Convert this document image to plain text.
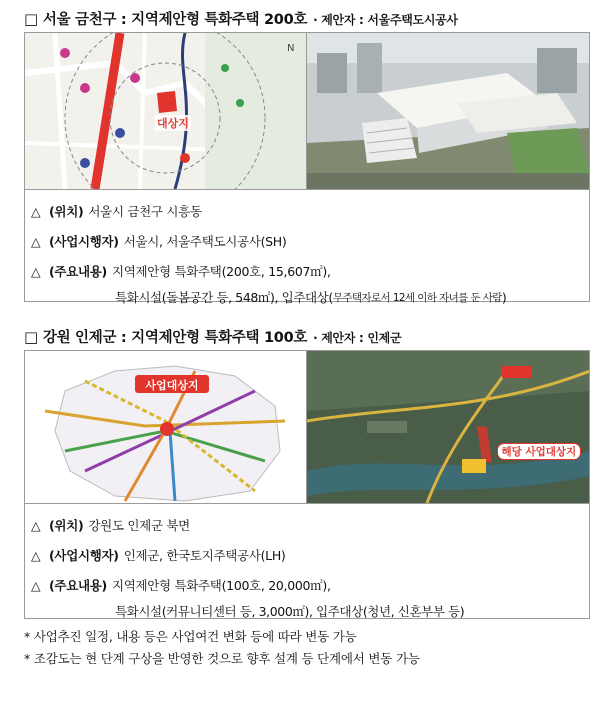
□ 서울 금천구 : 지역제안형 특화주택 200호 · 제안자 : 서울주택도시공사
N
대상지
△ (위치) 서울시 금천구 시흥동
△ (사업시행자) 서울시, 서울주택도시공사(SH)
△ (주요내용) 지역제안형 특화주택(200호, 15,607㎡),
특화시설(돌봄공간 등, 548㎡), 입주대상( 무주택자로서 12세 이하 자녀를 둔 사람 )
□ 강원 인제군 : 지역제안형 특화주택 100호 · 제안자 : 인제군
사업대상지
해당 사업대상지
△ (위치) 강원도 인제군 북면
△ (사업시행자) 인제군, 한국토지주택공사(LH)
△ (주요내용) 지역제안형 특화주택(100호, 20,000㎡),
특화시설(커뮤니티센터 등, 3,000㎡), 입주대상(청년, 신혼부부 등)
* 사업추진 일정, 내용 등은 사업여건 변화 등에 따라 변동 가능
* 조감도는 현 단계 구상을 반영한 것으로 향후 설계 등 단계에서 변동 가능
